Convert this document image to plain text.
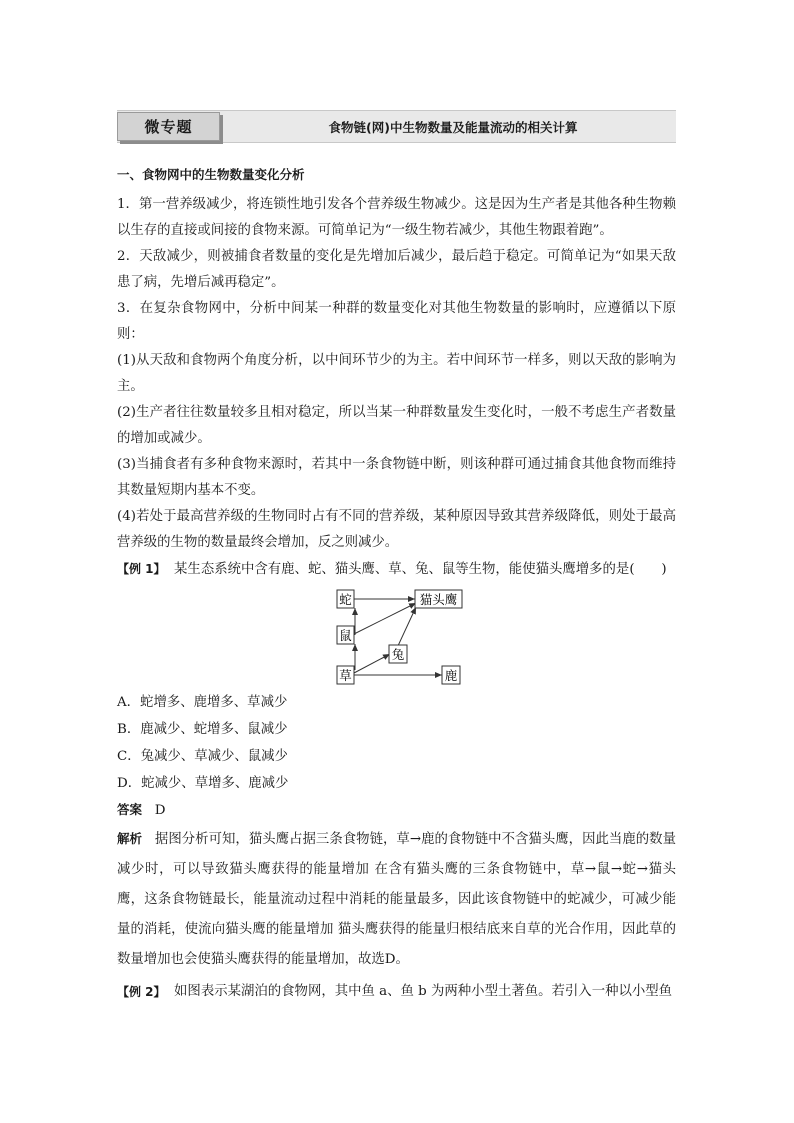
微专题	食物链(网)中生物数量及能量流动的相关计算
一、食物网中的生物数量变化分析

1．第一营养级减少，将连锁性地引发各个营养级生物减少。这是因为生产者是其他各种生物赖以生存的直接或间接的食物来源。可简单记为“一级生物若减少，其他生物跟着跑”。

2．天敌减少，则被捕食者数量的变化是先增加后减少，最后趋于稳定。可简单记为“如果天敌患了病，先增后减再稳定”。

3．在复杂食物网中，分析中间某一种群的数量变化对其他生物数量的影响时，应遵循以下原则：

(1)从天敌和食物两个角度分析，以中间环节少的为主。若中间环节一样多，则以天敌的影响为主。

(2)生产者往往数量较多且相对稳定，所以当某一种群数量发生变化时，一般不考虑生产者数量的增加或减少。

(3)当捕食者有多种食物来源时，若其中一条食物链中断，则该种群可通过捕食其他食物而维持其数量短期内基本不变。

(4)若处于最高营养级的生物同时占有不同的营养级，某种原因导致其营养级降低，则处于最高营养级的生物的数量最终会增加，反之则减少。

【例 1】 某生态系统中含有鹿、蛇、猫头鹰、草、兔、鼠等生物，能使猫头鹰增多的是(　　)
蛇	猫头鹰
鼠
兔
草	鹿

A．蛇增多、鹿增多、草减少

B．鹿减少、蛇增多、鼠减少

C．兔减少、草减少、鼠减少

D．蛇减少、草增多、鹿减少

答案 D

解析 据图分析可知，猫头鹰占据三条食物链，草→鹿的食物链中不含猫头鹰，因此当鹿的数量减少时，可以导致猫头鹰获得的能量增加 在含有猫头鹰的三条食物链中，草→鼠→蛇→猫头鹰，这条食物链最长，能量流动过程中消耗的能量最多，因此该食物链中的蛇减少，可减少能量的消耗，使流向猫头鹰的能量增加 猫头鹰获得的能量归根结底来自草的光合作用，因此草的数量增加也会使猫头鹰获得的能量增加，故选D。

【例 2】
如图表示某湖泊的食物网，其中鱼 a、鱼 b 为两种小型土著鱼。若引入一种以小型鱼
